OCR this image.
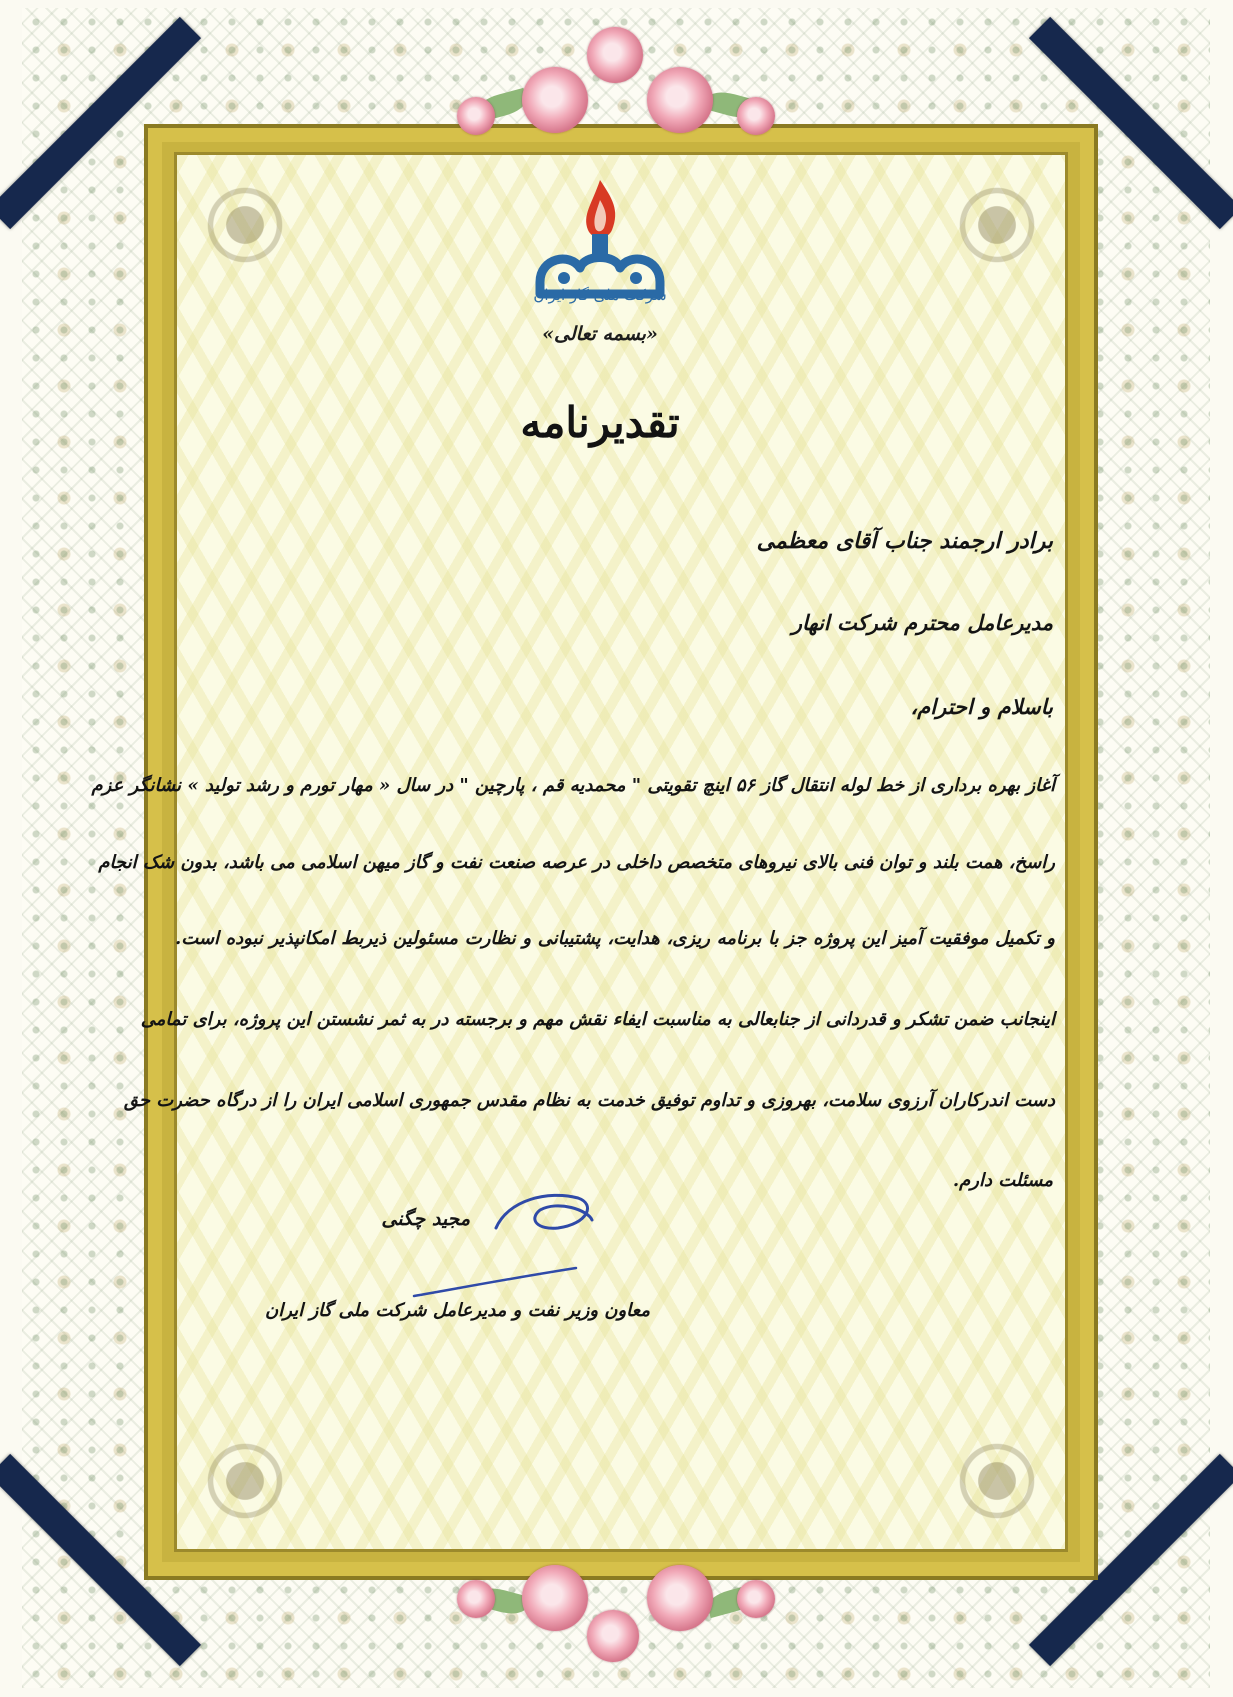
شرکت ملی گاز ایران
«بسمه تعالی»
تقدیرنامه
برادر ارجمند جناب آقای معظمی
مدیرعامل محترم شرکت انهار
باسلام و احترام،
آغاز بهره برداری از خط لوله انتقال گاز ۵۶ اینچ تقویتی " محمدیه قم ، پارچین " در سال « مهار تورم و رشد تولید » نشانگر عزم
راسخ، همت بلند و توان فنی بالای نیروهای متخصص داخلی در عرصه صنعت نفت و گاز میهن اسلامی می باشد، بدون شک انجام
و تکمیل موفقیت آمیز این پروژه جز با برنامه ریزی، هدایت، پشتیبانی و نظارت مسئولین ذیربط امکانپذیر نبوده است.
اینجانب ضمن تشکر و قدردانی از جنابعالی به مناسبت ایفاء نقش مهم و برجسته در به ثمر نشستن این پروژه، برای تمامی
دست اندرکاران آرزوی سلامت، بهروزی و تداوم توفیق خدمت به نظام مقدس جمهوری اسلامی ایران را از درگاه حضرت حق
مسئلت دارم.
مجید چگنی
معاون وزیر نفت و مدیرعامل شرکت ملی گاز ایران
